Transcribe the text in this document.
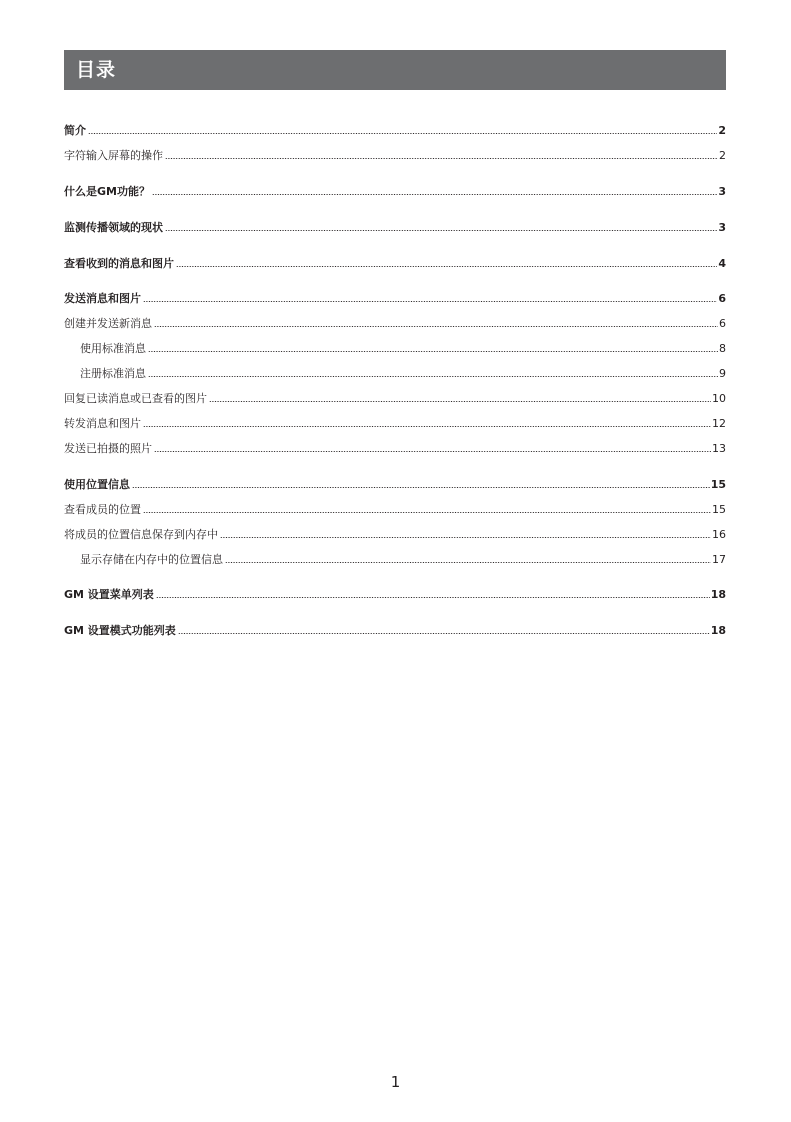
目录
简介	2
字符输入屏幕的操作	2
什么是GM功能？	3
监测传播领域的现状	3
查看收到的消息和图片	4
发送消息和图片	6
创建并发送新消息	6
使用标准消息	8
注册标准消息	9
回复已读消息或已查看的图片	10
转发消息和图片	12
发送已拍摄的照片	13
使用位置信息	15
查看成员的位置	15
将成员的位置信息保存到内存中	16
显示存储在内存中的位置信息	17
GM 设置菜单列表	18
GM 设置模式功能列表	18
1
